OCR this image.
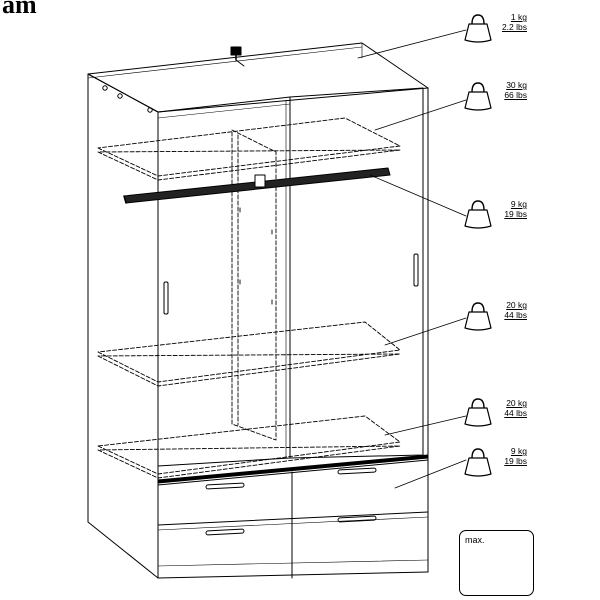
am	1 kg
2.2 lbs
30 kg
66 lbs
9 kg
19 lbs
20 kg
44 lbs
20 kg
44 lbs
9 kg
19 lbs
max.
